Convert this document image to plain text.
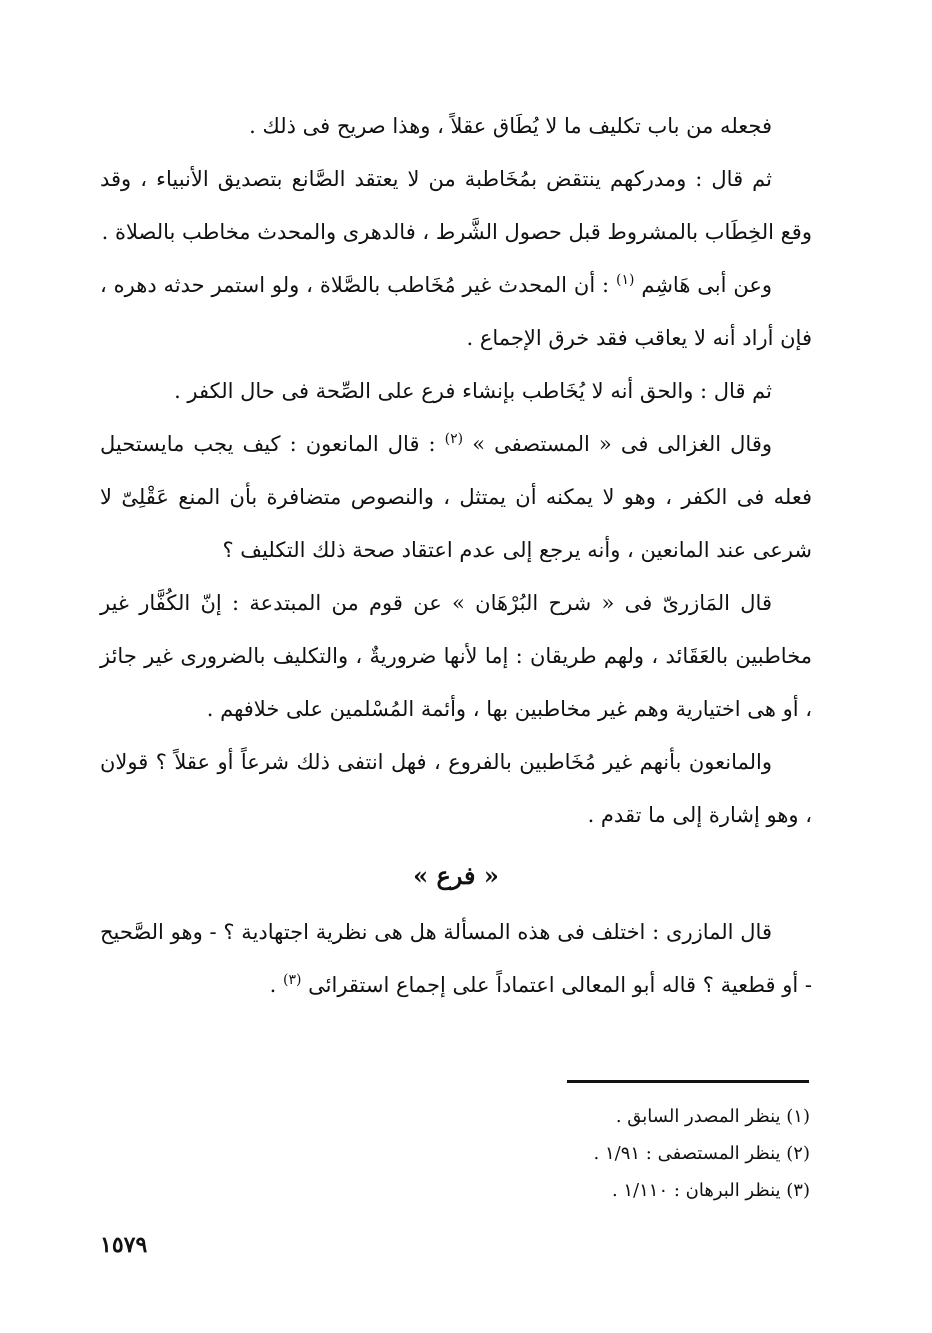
فجعله من باب تكليف ما لا يُطَاق عقلاً ، وهذا صريح فى ذلك .

ثم قال : ومدركهم ينتقض بمُخَاطبة من لا يعتقد الصَّانع بتصديق الأنبياء ، وقد وقع الخِطَاب بالمشروط قبل حصول الشَّرط ، فالدهرى والمحدث مخاطب بالصلاة .

وعن أبى هَاشِم $^{(١)}$ : أن المحدث غير مُخَاطب بالصَّلاة ، ولو استمر حدثه دهره ، فإن أراد أنه لا يعاقب فقد خرق الإجماع .

ثم قال : والحق أنه لا يُخَاطب بإنشاء فرع على الصِّحة فى حال الكفر .

وقال الغزالى فى « المستصفى » $^{(٢)}$ : قال المانعون : كيف يجب مايستحيل فعله فى الكفر ، وهو لا يمكنه أن يمتثل ، والنصوص متضافرة بأن المنع عَقْلِىّ لا شرعى عند المانعين ، وأنه يرجع إلى عدم اعتقاد صحة ذلك التكليف ؟

قال المَازرىّ فى « شرح البُرْهَان » عن قوم من المبتدعة : إنّ الكُفَّار غير مخاطبين بالعَقَائد ، ولهم طريقان : إما لأنها ضروريةٌ ، والتكليف بالضرورى غير جائز ، أو هى اختيارية وهم غير مخاطبين بها ، وأئمة المُسْلمين على خلافهم .

والمانعون بأنهم غير مُخَاطبين بالفروع ، فهل انتفى ذلك شرعاً أو عقلاً ؟ قولان ، وهو إشارة إلى ما تقدم .

« فرع »

قال المازرى : اختلف فى هذه المسألة هل هى نظرية اجتهادية ؟ - وهو الصَّحيح - أو قطعية ؟ قاله أبو المعالى اعتماداً على إجماع استقرائى $^{(٣)}$ .

(١) ينظر المصدر السابق .
(٢) ينظر المستصفى : ١/٩١ .
(٣) ينظر البرهان : ١/١١٠ .
١٥٧٩
